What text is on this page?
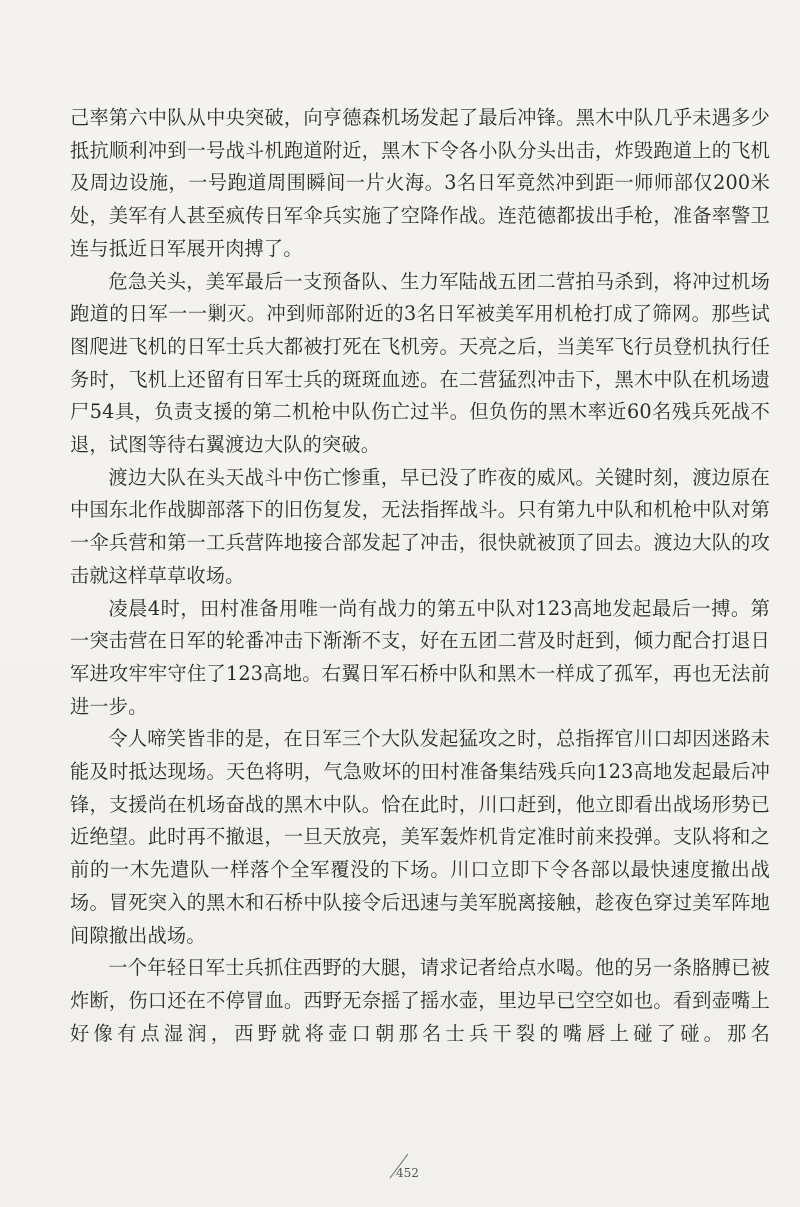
己率第六中队从中央突破，向亨德森机场发起了最后冲锋。黑木中队几乎未遇多少抵抗顺利冲到一号战斗机跑道附近，黑木下令各小队分头出击，炸毁跑道上的飞机及周边设施，一号跑道周围瞬间一片火海。3名日军竟然冲到距一师师部仅200米处，美军有人甚至疯传日军伞兵实施了空降作战。连范德都拔出手枪，准备率警卫连与抵近日军展开肉搏了。

危急关头，美军最后一支预备队、生力军陆战五团二营拍马杀到，将冲过机场跑道的日军一一剿灭。冲到师部附近的3名日军被美军用机枪打成了筛网。那些试图爬进飞机的日军士兵大都被打死在飞机旁。天亮之后，当美军飞行员登机执行任务时，飞机上还留有日军士兵的斑斑血迹。在二营猛烈冲击下，黑木中队在机场遗尸54具，负责支援的第二机枪中队伤亡过半。但负伤的黑木率近60名残兵死战不退，试图等待右翼渡边大队的突破。

渡边大队在头天战斗中伤亡惨重，早已没了昨夜的威风。关键时刻，渡边原在中国东北作战脚部落下的旧伤复发，无法指挥战斗。只有第九中队和机枪中队对第一伞兵营和第一工兵营阵地接合部发起了冲击，很快就被顶了回去。渡边大队的攻击就这样草草收场。

凌晨4时，田村准备用唯一尚有战力的第五中队对123高地发起最后一搏。第一突击营在日军的轮番冲击下渐渐不支，好在五团二营及时赶到，倾力配合打退日军进攻牢牢守住了123高地。右翼日军石桥中队和黑木一样成了孤军，再也无法前进一步。

令人啼笑皆非的是，在日军三个大队发起猛攻之时，总指挥官川口却因迷路未能及时抵达现场。天色将明，气急败坏的田村准备集结残兵向123高地发起最后冲锋，支援尚在机场奋战的黑木中队。恰在此时，川口赶到，他立即看出战场形势已近绝望。此时再不撤退，一旦天放亮，美军轰炸机肯定准时前来投弹。支队将和之前的一木先遣队一样落个全军覆没的下场。川口立即下令各部以最快速度撤出战场。冒死突入的黑木和石桥中队接令后迅速与美军脱离接触，趁夜色穿过美军阵地间隙撤出战场。

一个年轻日军士兵抓住西野的大腿，请求记者给点水喝。他的另一条胳膊已被炸断，伤口还在不停冒血。西野无奈摇了摇水壶，里边早已空空如也。看到壶嘴上好像有点湿润，西野就将壶口朝那名士兵干裂的嘴唇上碰了碰。那名

452
